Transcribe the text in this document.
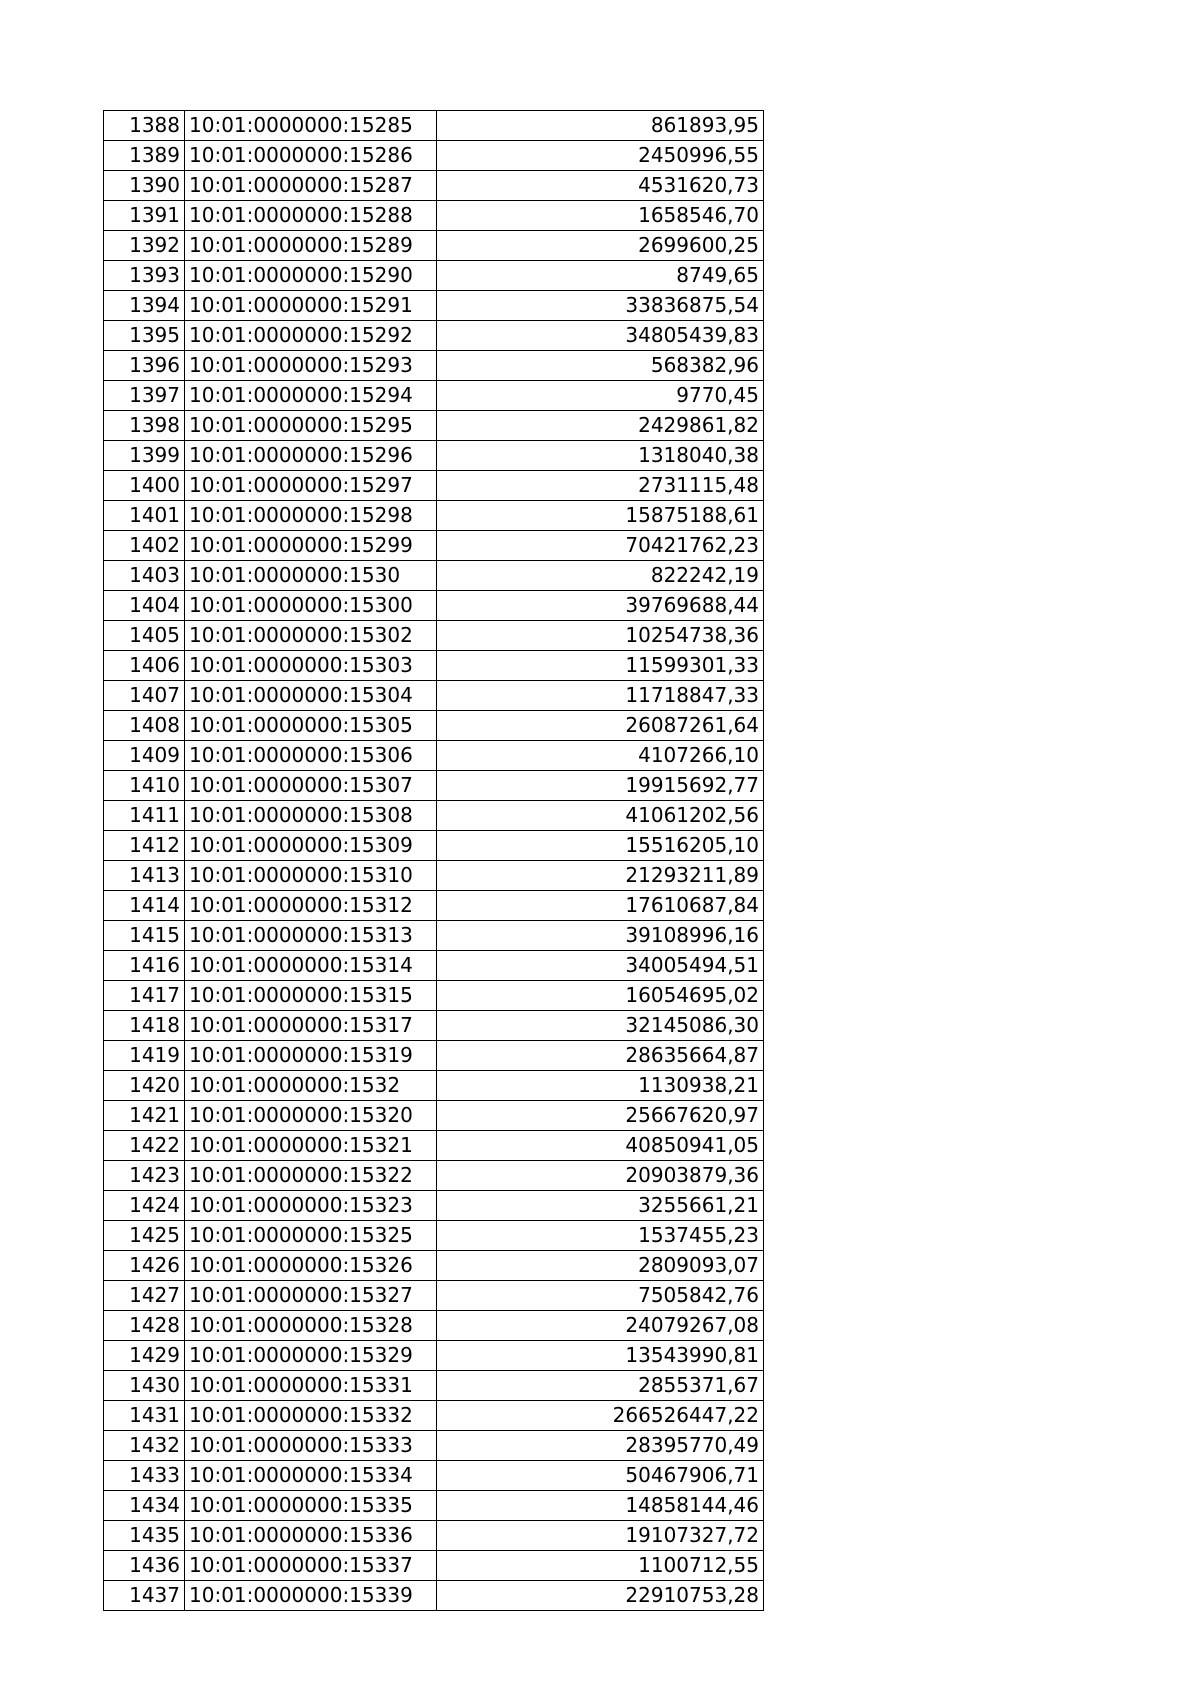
1388	10:01:0000000:15285	861893,95
1389	10:01:0000000:15286	2450996,55
1390	10:01:0000000:15287	4531620,73
1391	10:01:0000000:15288	1658546,70
1392	10:01:0000000:15289	2699600,25
1393	10:01:0000000:15290	8749,65
1394	10:01:0000000:15291	33836875,54
1395	10:01:0000000:15292	34805439,83
1396	10:01:0000000:15293	568382,96
1397	10:01:0000000:15294	9770,45
1398	10:01:0000000:15295	2429861,82
1399	10:01:0000000:15296	1318040,38
1400	10:01:0000000:15297	2731115,48
1401	10:01:0000000:15298	15875188,61
1402	10:01:0000000:15299	70421762,23
1403	10:01:0000000:1530	822242,19
1404	10:01:0000000:15300	39769688,44
1405	10:01:0000000:15302	10254738,36
1406	10:01:0000000:15303	11599301,33
1407	10:01:0000000:15304	11718847,33
1408	10:01:0000000:15305	26087261,64
1409	10:01:0000000:15306	4107266,10
1410	10:01:0000000:15307	19915692,77
1411	10:01:0000000:15308	41061202,56
1412	10:01:0000000:15309	15516205,10
1413	10:01:0000000:15310	21293211,89
1414	10:01:0000000:15312	17610687,84
1415	10:01:0000000:15313	39108996,16
1416	10:01:0000000:15314	34005494,51
1417	10:01:0000000:15315	16054695,02
1418	10:01:0000000:15317	32145086,30
1419	10:01:0000000:15319	28635664,87
1420	10:01:0000000:1532	1130938,21
1421	10:01:0000000:15320	25667620,97
1422	10:01:0000000:15321	40850941,05
1423	10:01:0000000:15322	20903879,36
1424	10:01:0000000:15323	3255661,21
1425	10:01:0000000:15325	1537455,23
1426	10:01:0000000:15326	2809093,07
1427	10:01:0000000:15327	7505842,76
1428	10:01:0000000:15328	24079267,08
1429	10:01:0000000:15329	13543990,81
1430	10:01:0000000:15331	2855371,67
1431	10:01:0000000:15332	266526447,22
1432	10:01:0000000:15333	28395770,49
1433	10:01:0000000:15334	50467906,71
1434	10:01:0000000:15335	14858144,46
1435	10:01:0000000:15336	19107327,72
1436	10:01:0000000:15337	1100712,55
1437	10:01:0000000:15339	22910753,28
